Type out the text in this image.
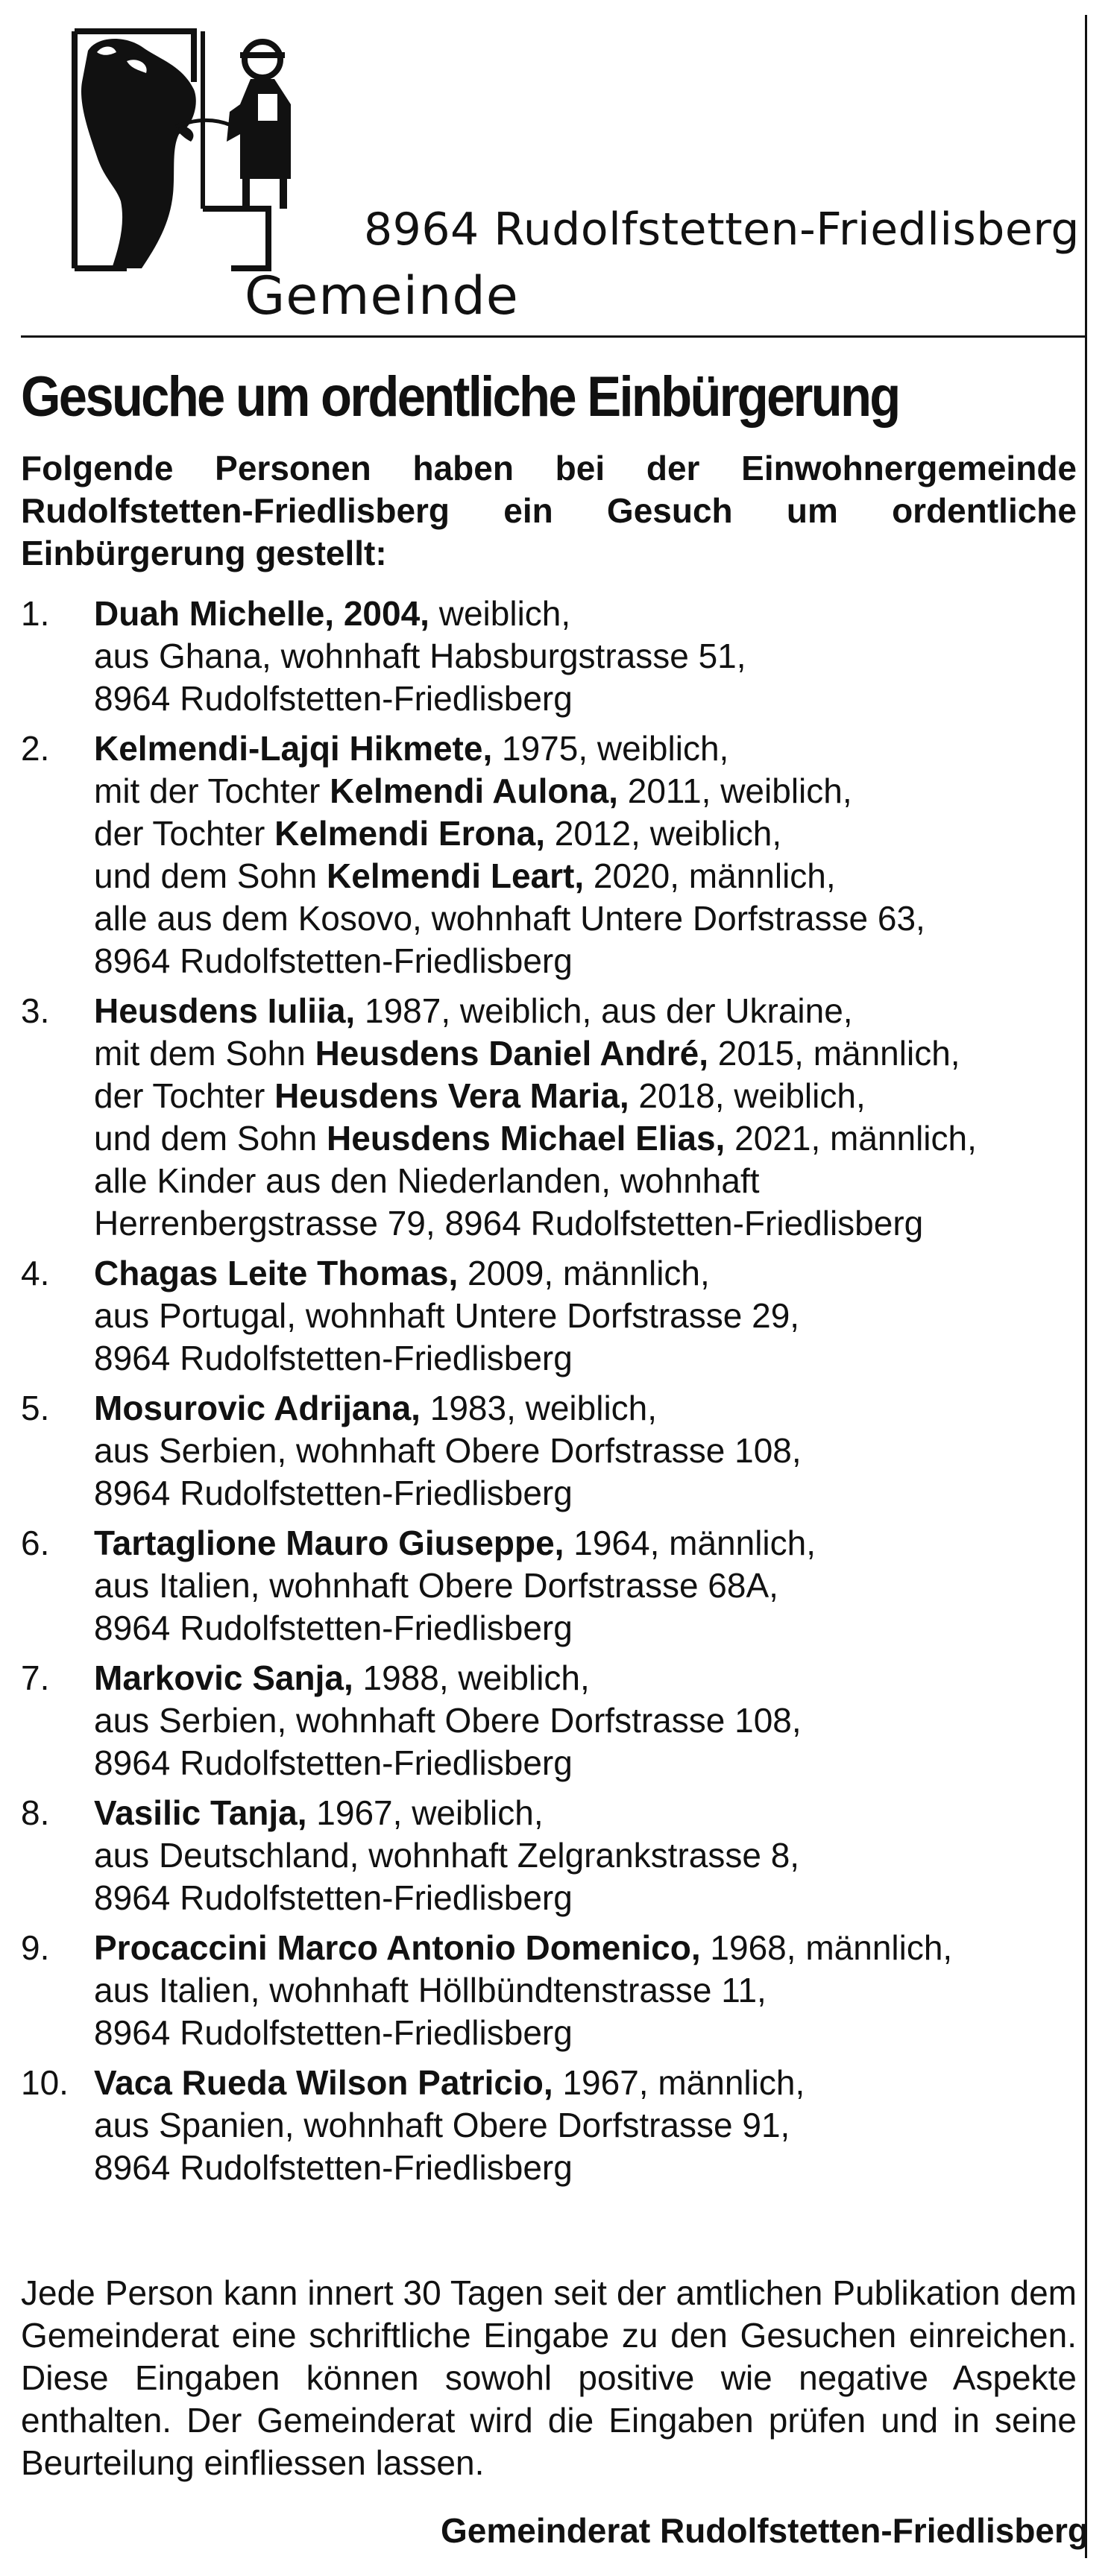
8964 Rudolfstetten-Friedlisberg
Gemeinde
Gesuche um ordentliche Einbürgerung
Folgende Personen haben bei der Einwohnergemeinde Rudolfstetten-Friedlisberg ein Gesuch um ordentliche Einbürgerung gestellt:
1. Duah Michelle, 2004, weiblich,
aus Ghana, wohnhaft Habsburgstrasse 51,
8964 Rudolfstetten-Friedlisberg
2. Kelmendi-Lajqi Hikmete, 1975, weiblich,
mit der Tochter Kelmendi Aulona, 2011, weiblich,
der Tochter Kelmendi Erona, 2012, weiblich,
und dem Sohn Kelmendi Leart, 2020, männlich,
alle aus dem Kosovo, wohnhaft Untere Dorfstrasse 63,
8964 Rudolfstetten-Friedlisberg
3. Heusdens Iuliia, 1987, weiblich, aus der Ukraine,
mit dem Sohn Heusdens Daniel André, 2015, männlich,
der Tochter Heusdens Vera Maria, 2018, weiblich,
und dem Sohn Heusdens Michael Elias, 2021, männlich,
alle Kinder aus den Niederlanden, wohnhaft
Herrenbergstrasse 79, 8964 Rudolfstetten-Friedlisberg
4. Chagas Leite Thomas, 2009, männlich,
aus Portugal, wohnhaft Untere Dorfstrasse 29,
8964 Rudolfstetten-Friedlisberg
5. Mosurovic Adrijana, 1983, weiblich,
aus Serbien, wohnhaft Obere Dorfstrasse 108,
8964 Rudolfstetten-Friedlisberg
6. Tartaglione Mauro Giuseppe, 1964, männlich,
aus Italien, wohnhaft Obere Dorfstrasse 68A,
8964 Rudolfstetten-Friedlisberg
7. Markovic Sanja, 1988, weiblich,
aus Serbien, wohnhaft Obere Dorfstrasse 108,
8964 Rudolfstetten-Friedlisberg
8. Vasilic Tanja, 1967, weiblich,
aus Deutschland, wohnhaft Zelgrankstrasse 8,
8964 Rudolfstetten-Friedlisberg
9. Procaccini Marco Antonio Domenico, 1968, männlich,
aus Italien, wohnhaft Höllbündtenstrasse 11,
8964 Rudolfstetten-Friedlisberg
10. Vaca Rueda Wilson Patricio, 1967, männlich,
aus Spanien, wohnhaft Obere Dorfstrasse 91,
8964 Rudolfstetten-Friedlisberg
Jede Person kann innert 30 Tagen seit der amtlichen Publikation dem Gemeinderat eine schriftliche Eingabe zu den Gesuchen einreichen. Diese Eingaben können sowohl positive wie negative Aspekte enthalten. Der Gemeinderat wird die Eingaben prüfen und in seine Beurteilung einfliessen lassen.
Gemeinderat Rudolfstetten-Friedlisberg
